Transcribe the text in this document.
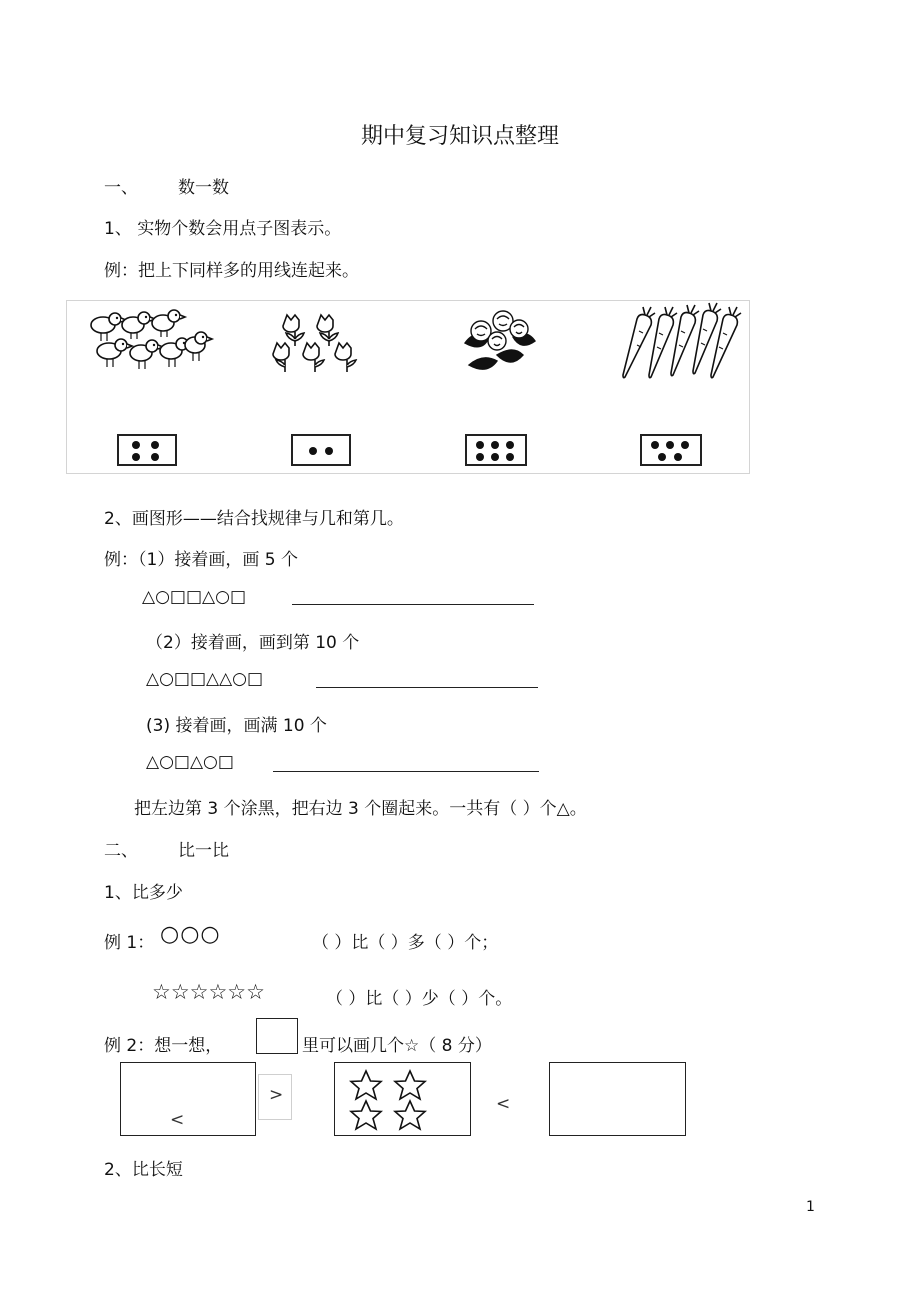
期中复习知识点整理
一、 数一数
1、 实物个数会用点子图表示。
例：把上下同样多的用线连起来。
2、画图形——结合找规律与几和第几。
例：（1）接着画，画 5 个
△○□□△○□
（2）接着画，画到第 10 个
△○□□△△○□
(3) 接着画，画满 10 个
△○□△○□
把左边第 3 个涂黑，把右边 3 个圈起来。一共有（ ）个△。
二、 比一比
1、比多少
例 1： ○○○	（ ）比（ ）多（ ）个；
☆☆☆☆☆☆	（ ）比（ ）少（ ）个。
例 2：想一想，	里可以画几个☆（ 8 分）
<
>	<
2、比长短
1
